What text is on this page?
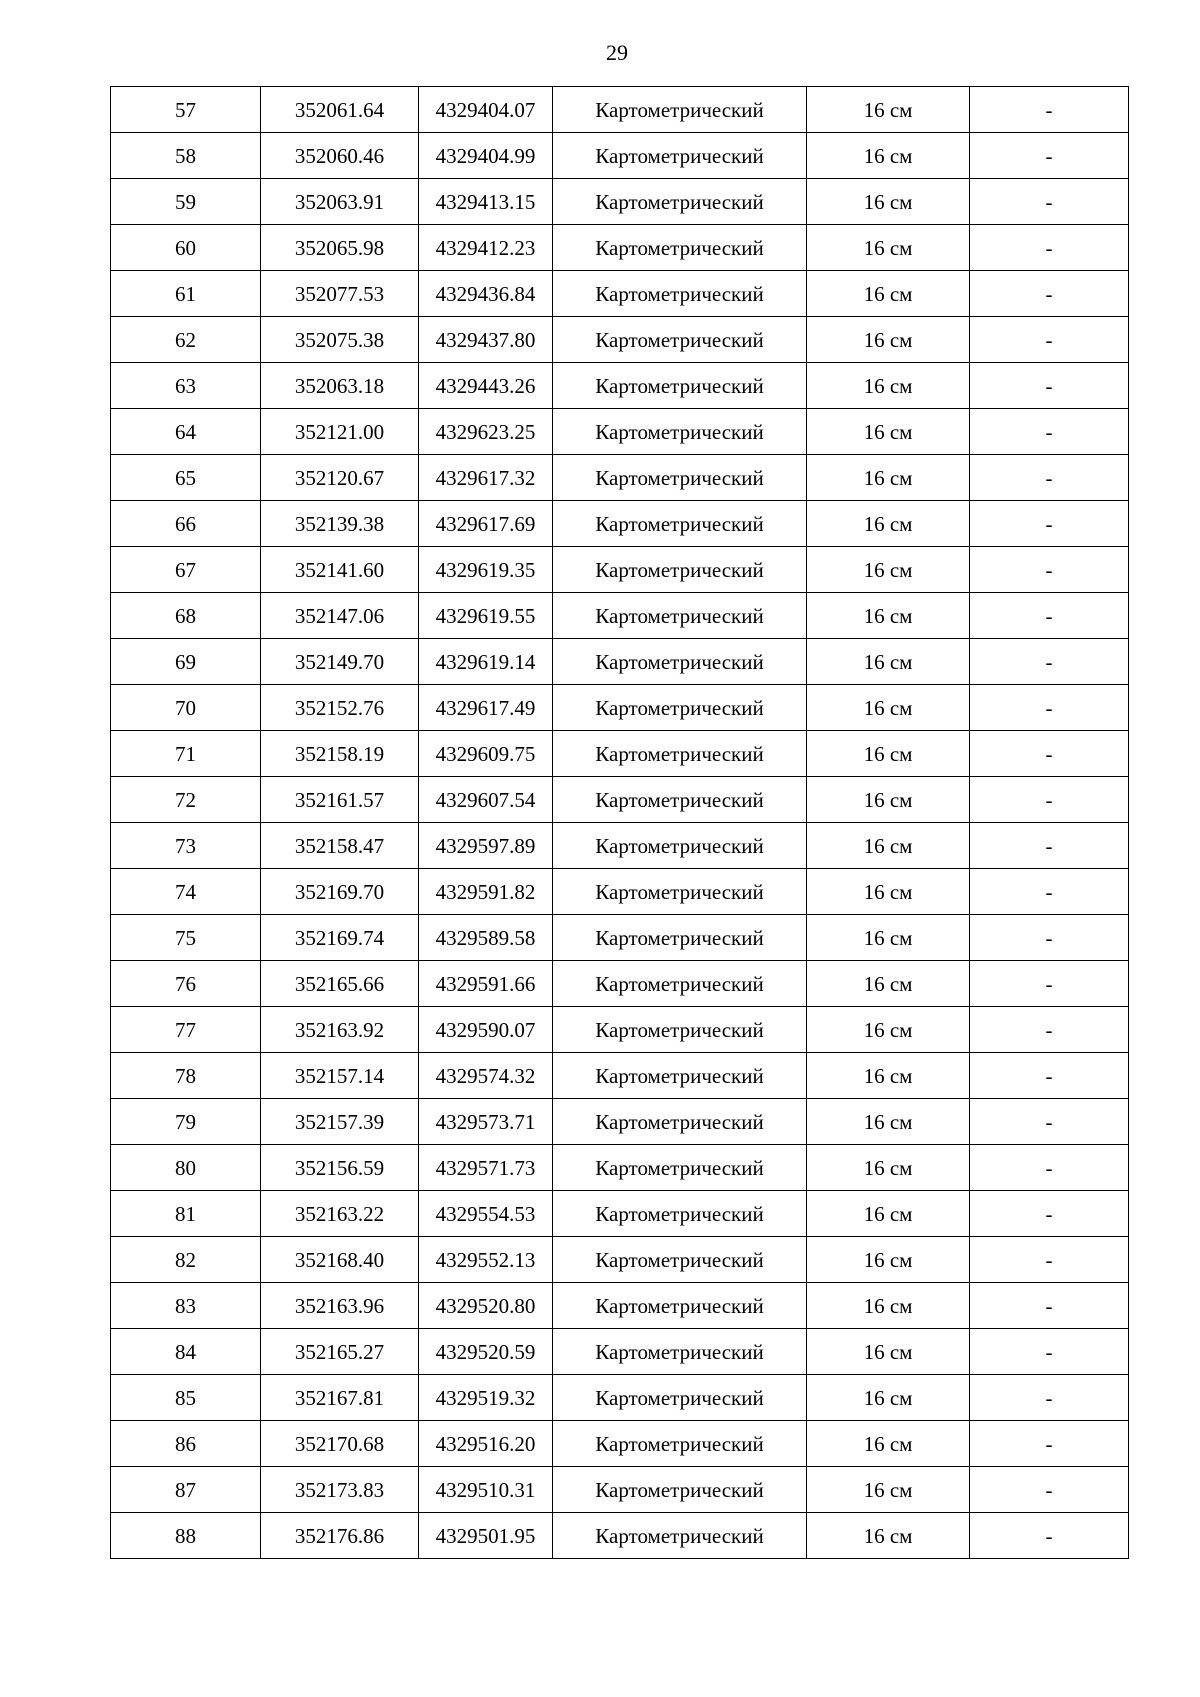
29
57	352061.64	4329404.07	Картометрический	16 см	-
58	352060.46	4329404.99	Картометрический	16 см	-
59	352063.91	4329413.15	Картометрический	16 см	-
60	352065.98	4329412.23	Картометрический	16 см	-
61	352077.53	4329436.84	Картометрический	16 см	-
62	352075.38	4329437.80	Картометрический	16 см	-
63	352063.18	4329443.26	Картометрический	16 см	-
64	352121.00	4329623.25	Картометрический	16 см	-
65	352120.67	4329617.32	Картометрический	16 см	-
66	352139.38	4329617.69	Картометрический	16 см	-
67	352141.60	4329619.35	Картометрический	16 см	-
68	352147.06	4329619.55	Картометрический	16 см	-
69	352149.70	4329619.14	Картометрический	16 см	-
70	352152.76	4329617.49	Картометрический	16 см	-
71	352158.19	4329609.75	Картометрический	16 см	-
72	352161.57	4329607.54	Картометрический	16 см	-
73	352158.47	4329597.89	Картометрический	16 см	-
74	352169.70	4329591.82	Картометрический	16 см	-
75	352169.74	4329589.58	Картометрический	16 см	-
76	352165.66	4329591.66	Картометрический	16 см	-
77	352163.92	4329590.07	Картометрический	16 см	-
78	352157.14	4329574.32	Картометрический	16 см	-
79	352157.39	4329573.71	Картометрический	16 см	-
80	352156.59	4329571.73	Картометрический	16 см	-
81	352163.22	4329554.53	Картометрический	16 см	-
82	352168.40	4329552.13	Картометрический	16 см	-
83	352163.96	4329520.80	Картометрический	16 см	-
84	352165.27	4329520.59	Картометрический	16 см	-
85	352167.81	4329519.32	Картометрический	16 см	-
86	352170.68	4329516.20	Картометрический	16 см	-
87	352173.83	4329510.31	Картометрический	16 см	-
88	352176.86	4329501.95	Картометрический	16 см	-
